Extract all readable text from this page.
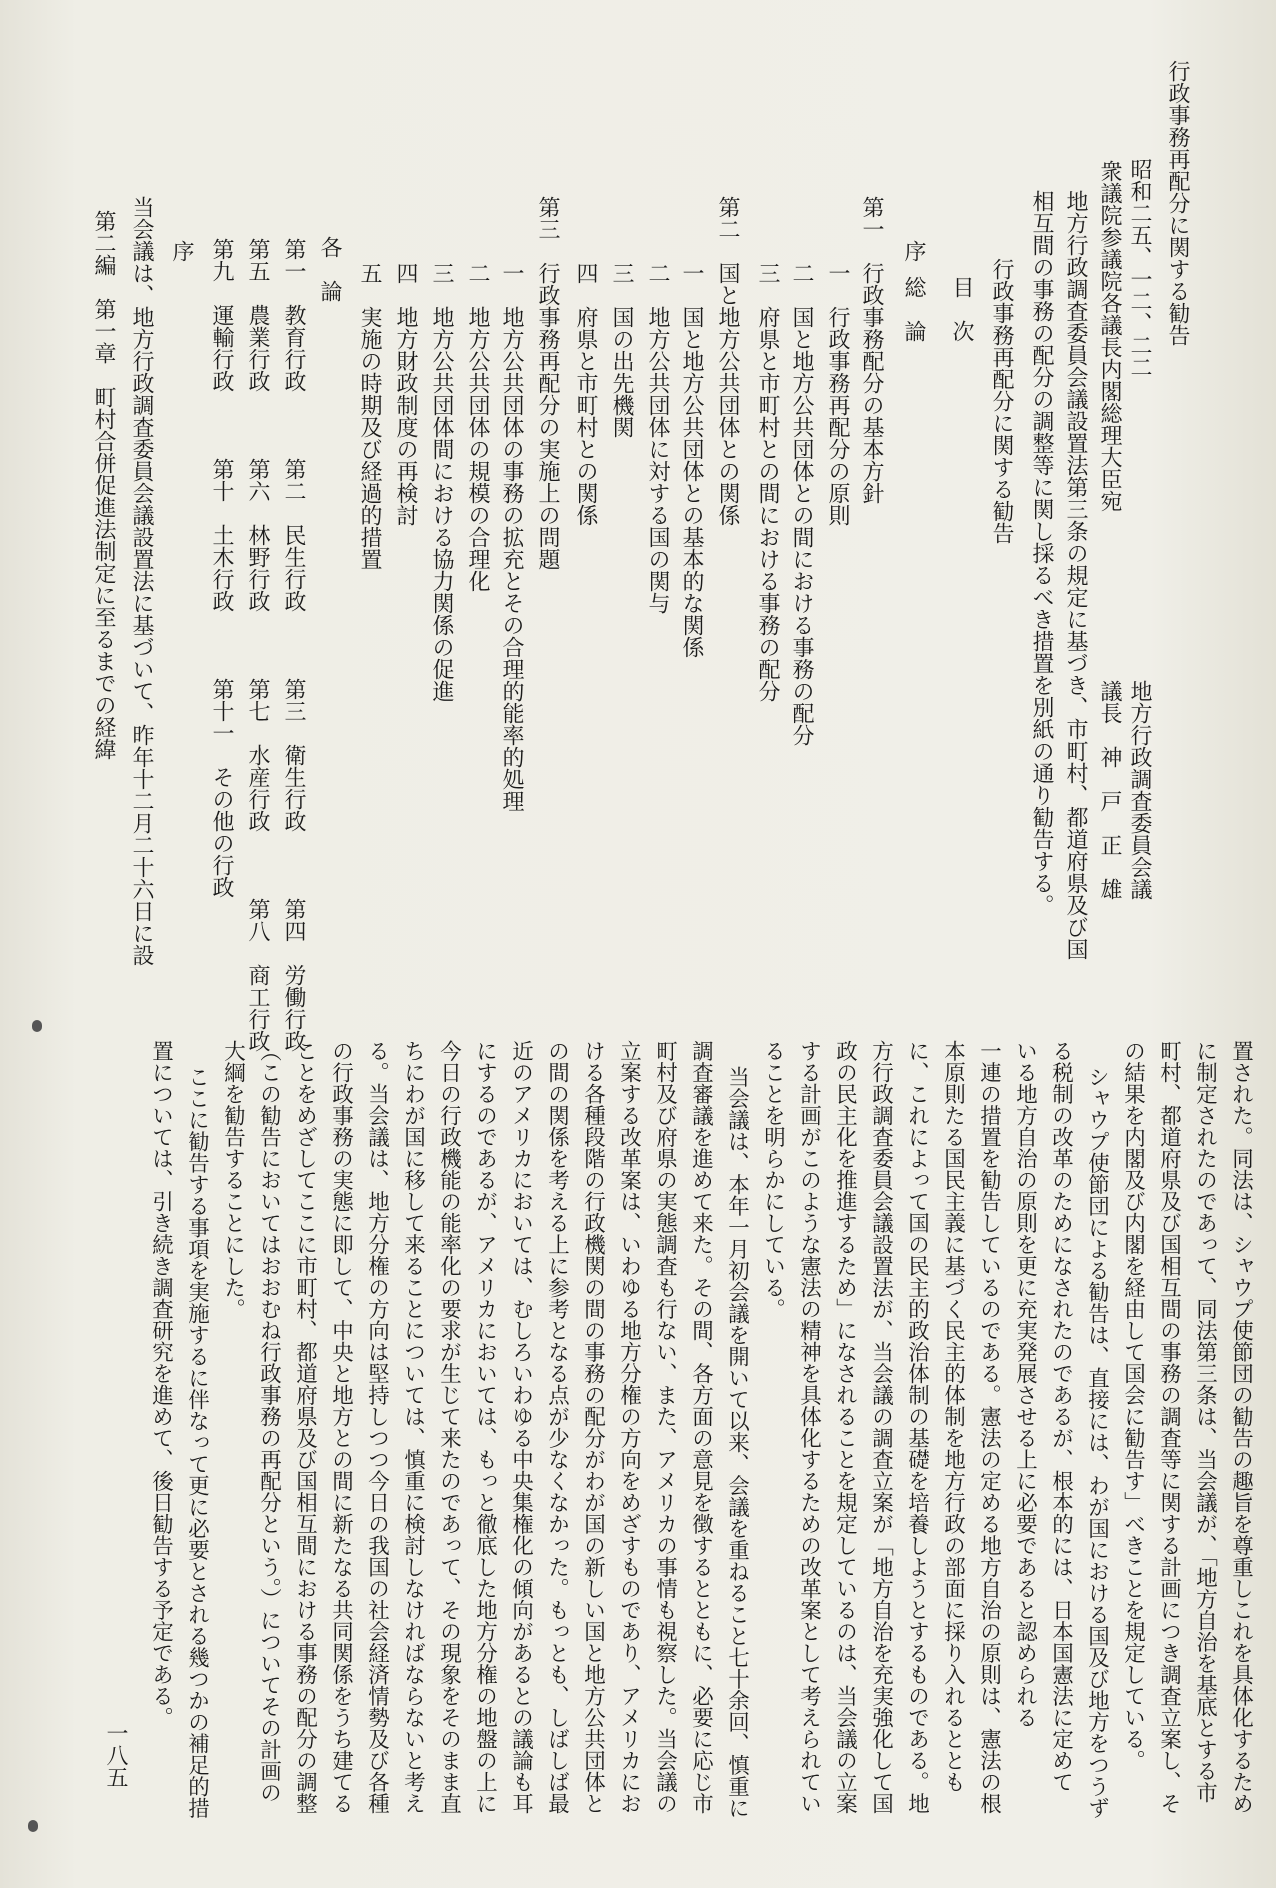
行政事務再配分に関する勧告
昭和二五、一二、二二
地方行政調査委員会議
衆議院参議院各議長内閣総理大臣宛
議長　神　戸　正　雄
地方行政調査委員会議設置法第三条の規定に基づき、市町村、都道府県及び国
相互間の事務の配分の調整等に関し採るべき措置を別紙の通り勧告する。
行政事務再配分に関する勧告
目　次
序
総　論
第一　行政事務配分の基本方針
一　行政事務再配分の原則
二　国と地方公共団体との間における事務の配分
三　府県と市町村との間における事務の配分
第二　国と地方公共団体との関係
一　国と地方公共団体との基本的な関係
二　地方公共団体に対する国の関与
三　国の出先機関
四　府県と市町村との関係
第三　行政事務再配分の実施上の問題
一　地方公共団体の事務の拡充とその合理的能率的処理
二　地方公共団体の規模の合理化
三　地方公共団体間における協力関係の促進
四　地方財政制度の再検討
五　実施の時期及び経過的措置
各　論
第一　教育行政　　　第二　民生行政　　　第三　衛生行政　　　第四　労働行政
第五　農業行政　　　第六　林野行政　　　第七　水産行政　　　第八　商工行政
第九　運輸行政　　　第十　土木行政　　　第十一　その他の行政
序
当会議は、地方行政調査委員会議設置法に基づいて、昨年十二月二十六日に設
第二編　第一章　町村合併促進法制定に至るまでの経緯
置された。同法は、シャウプ使節団の勧告の趣旨を尊重しこれを具体化するため
に制定されたのであって、同法第三条は、当会議が、「地方自治を基底とする市
町村、都道府県及び国相互間の事務の調査等に関する計画につき調査立案し、そ
の結果を内閣及び内閣を経由して国会に勧告す」べきことを規定している。
シャウプ使節団による勧告は、直接には、わが国における国及び地方をつうず
る税制の改革のためになされたのであるが、根本的には、日本国憲法に定めて
いる地方自治の原則を更に充実発展させる上に必要であると認められる
一連の措置を勧告しているのである。憲法の定める地方自治の原則は、憲法の根
本原則たる国民主義に基づく民主的体制を地方行政の部面に採り入れるととも
に、これによって国の民主的政治体制の基礎を培養しようとするものである。地
方行政調査委員会議設置法が、当会議の調査立案が「地方自治を充実強化して国
政の民主化を推進するため」になされることを規定しているのは、当会議の立案
する計画がこのような憲法の精神を具体化するための改革案として考えられてい
ることを明らかにしている。
当会議は、本年一月初会議を開いて以来、会議を重ねること七十余回、慎重に
調査審議を進めて来た。その間、各方面の意見を徴するとともに、必要に応じ市
町村及び府県の実態調査も行ない、また、アメリカの事情も視察した。当会議の
立案する改革案は、いわゆる地方分権の方向をめざすものであり、アメリカにお
ける各種段階の行政機関の間の事務の配分がわが国の新しい国と地方公共団体と
の間の関係を考える上に参考となる点が少なくなかった。もっとも、しばしば最
近のアメリカにおいては、むしろいわゆる中央集権化の傾向があるとの議論も耳
にするのであるが、アメリカにおいては、もっと徹底した地方分権の地盤の上に
今日の行政機能の能率化の要求が生じて来たのであって、その現象をそのまま直
ちにわが国に移して来ることについては、慎重に検討しなければならないと考え
る。当会議は、地方分権の方向は堅持しつつ今日の我国の社会経済情勢及び各種
の行政事務の実態に即して、中央と地方との間に新たなる共同関係をうち建てる
ことをめざしてここに市町村、都道府県及び国相互間における事務の配分の調整
（この勧告においてはおおむね行政事務の再配分という。）についてその計画の
大綱を勧告することにした。
ここに勧告する事項を実施するに伴なって更に必要とされる幾つかの補足的措
置については、引き続き調査研究を進めて、後日勧告する予定である。
一八五
